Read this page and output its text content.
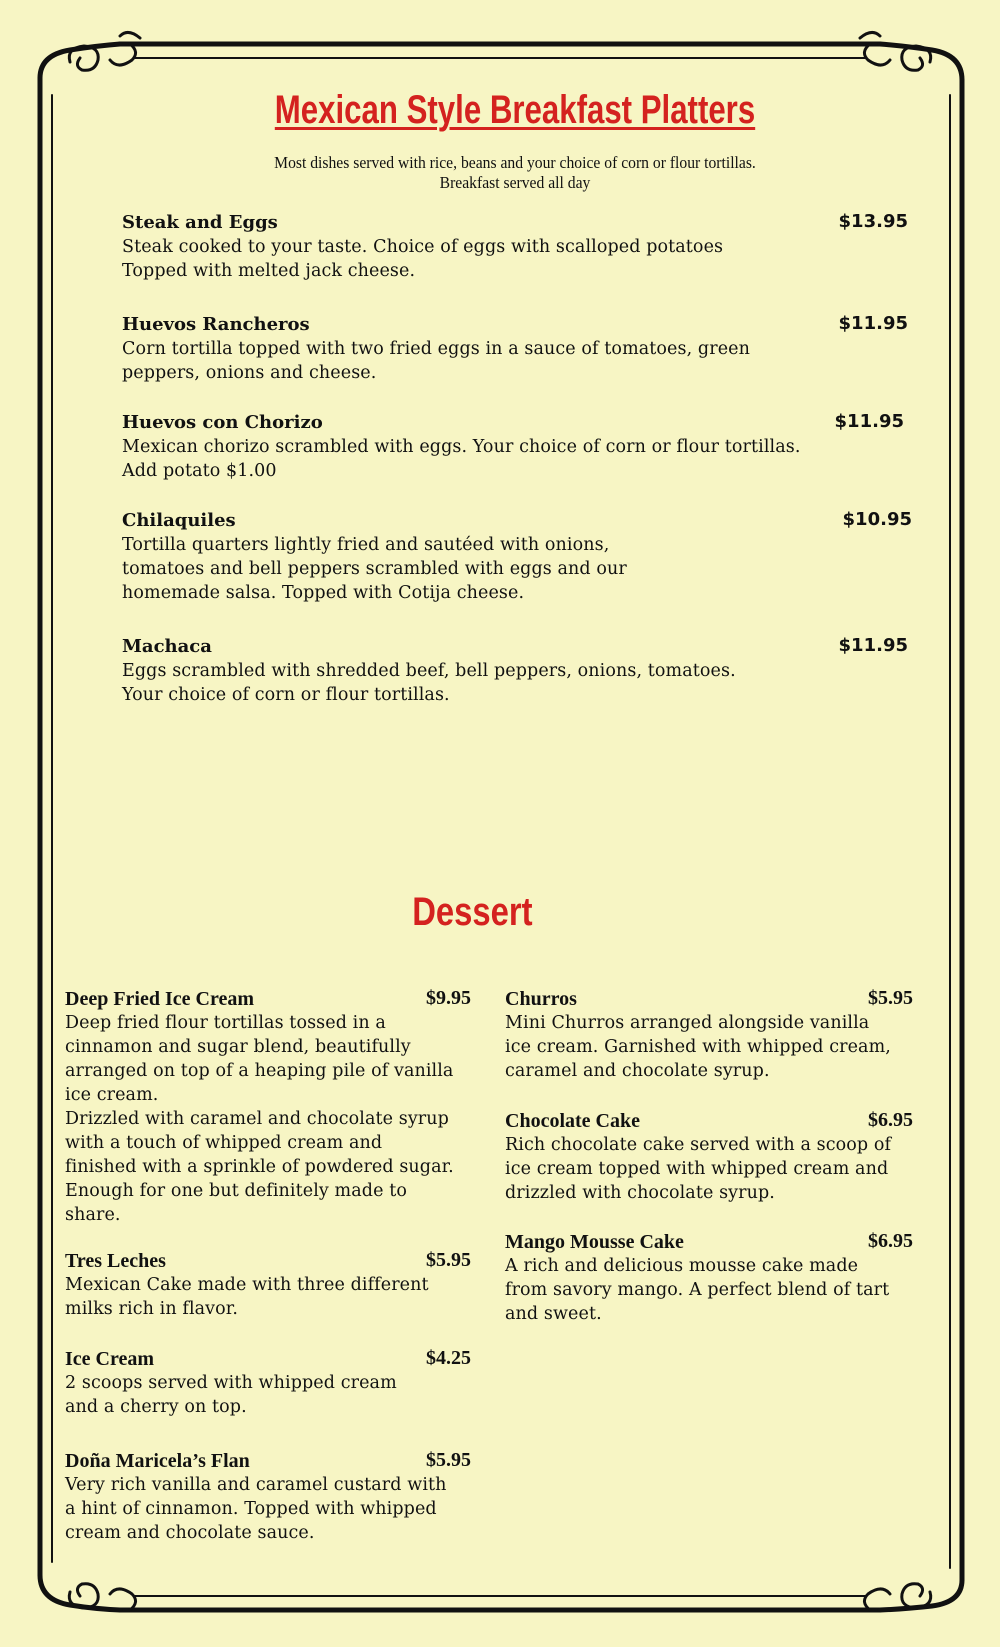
Mexican Style Breakfast Platters
Most dishes served with rice, beans and your choice of corn or flour tortillas.
Breakfast served all day
Steak and Eggs	$13.95
Steak cooked to your taste. Choice of eggs with scalloped potatoes
Topped with melted jack cheese.
Huevos Rancheros	$11.95
Corn tortilla topped with two fried eggs in a sauce of tomatoes, green
peppers, onions and cheese.
Huevos con Chorizo	$11.95
Mexican chorizo scrambled with eggs. Your choice of corn or flour tortillas.
Add potato $1.00
Chilaquiles	$10.95
Tortilla quarters lightly fried and sautéed with onions,
tomatoes and bell peppers scrambled with eggs and our
homemade salsa. Topped with Cotija cheese.
Machaca	$11.95
Eggs scrambled with shredded beef, bell peppers, onions, tomatoes.
Your choice of corn or flour tortillas.
Dessert
Deep Fried Ice Cream	$9.95
Deep fried flour tortillas tossed in a
cinnamon and sugar blend, beautifully
arranged on top of a heaping pile of vanilla
ice cream.
Drizzled with caramel and chocolate syrup
with a touch of whipped cream and
finished with a sprinkle of powdered sugar.
Enough for one but definitely made to
share.
Tres Leches	$5.95
Mexican Cake made with three different
milks rich in flavor.
Ice Cream	$4.25
2 scoops served with whipped cream
and a cherry on top.
Doña Maricela’s Flan	$5.95
Very rich vanilla and caramel custard with
a hint of cinnamon. Topped with whipped
cream and chocolate sauce.
Churros	$5.95
Mini Churros arranged alongside vanilla
ice cream. Garnished with whipped cream,
caramel and chocolate syrup.
Chocolate Cake	$6.95
Rich chocolate cake served with a scoop of
ice cream topped with whipped cream and
drizzled with chocolate syrup.
Mango Mousse Cake	$6.95
A rich and delicious mousse cake made
from savory mango. A perfect blend of tart
and sweet.
